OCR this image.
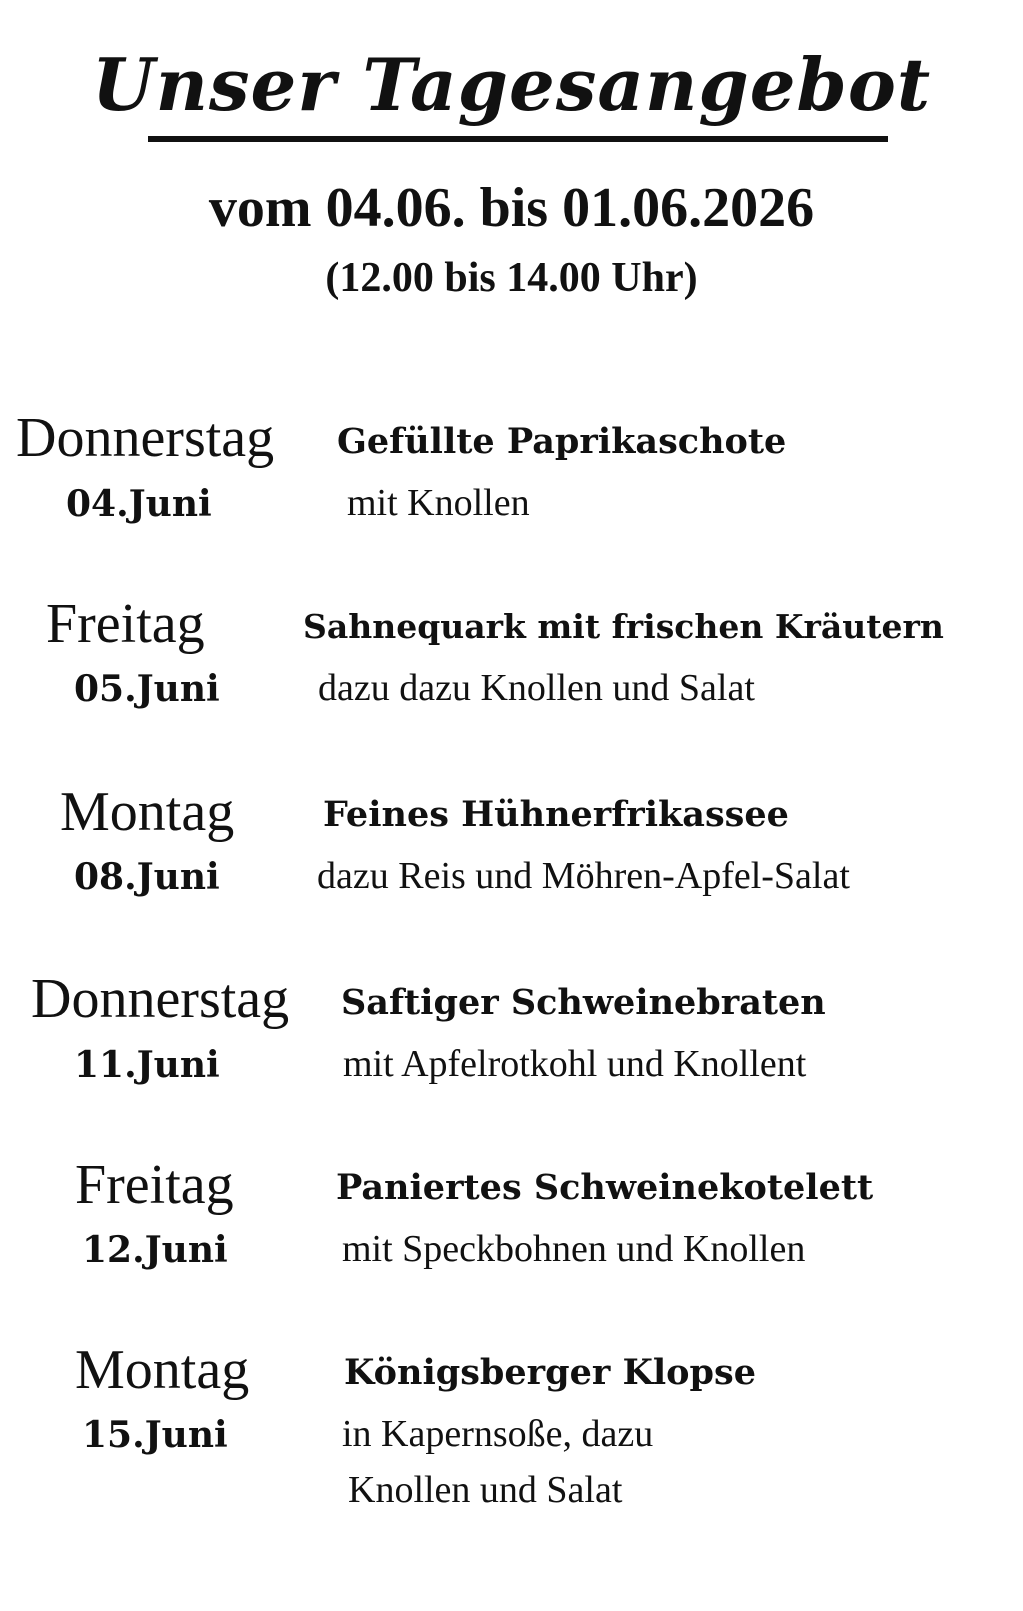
Unser Tagesangebot
vom 04.06. bis 01.06.2026
(12.00 bis 14.00 Uhr)
Donnerstag
04.Juni
Gefüllte Paprikaschote
mit Knollen
Freitag
05.Juni
Sahnequark mit frischen Kräutern
dazu dazu Knollen und Salat
Montag
08.Juni
Feines Hühnerfrikassee
dazu Reis und Möhren-Apfel-Salat
Donnerstag
11.Juni
Saftiger Schweinebraten
mit Apfelrotkohl und Knollent
Freitag
12.Juni
Paniertes Schweinekotelett
mit Speckbohnen und Knollen
Montag
15.Juni
Königsberger Klopse
in Kapernsoße, dazu
Knollen und Salat
